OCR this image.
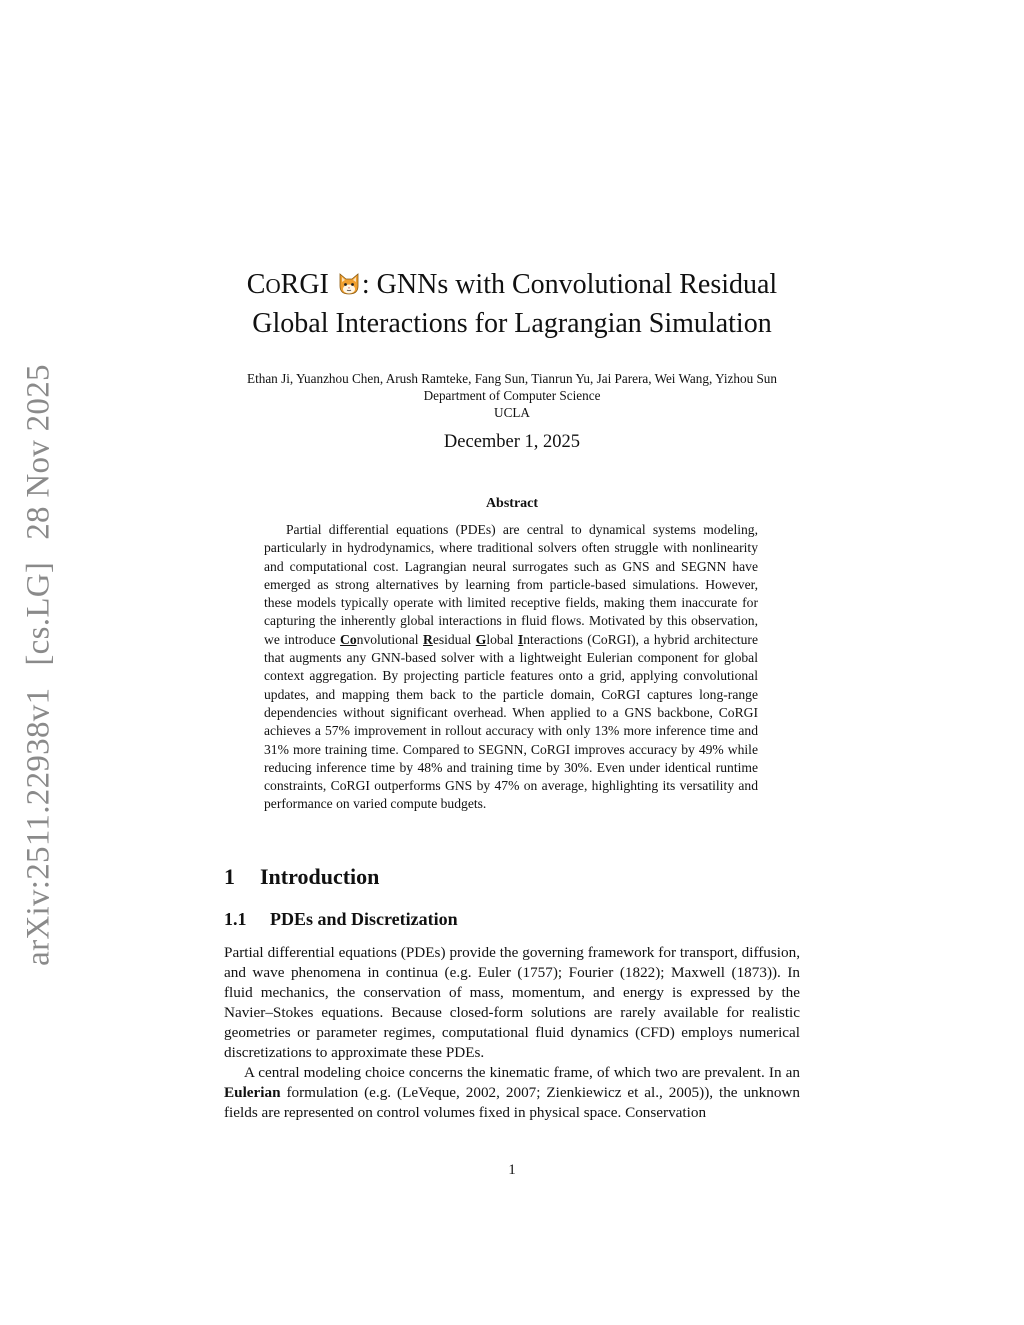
arXiv:2511.22938v1[cs.LG]28 Nov 2025
CORGI : GNNs with Convolutional Residual
Global Interactions for Lagrangian Simulation
Ethan Ji, Yuanzhou Chen, Arush Ramteke, Fang Sun, Tianrun Yu, Jai Parera, Wei Wang, Yizhou Sun
Department of Computer Science
UCLA
December 1, 2025
Abstract
Partial differential equations (PDEs) are central to dynamical systems modeling, particularly in hydrodynamics, where traditional solvers often struggle with nonlinearity and computational cost. Lagrangian neural surrogates such as GNS and SEGNN have emerged as strong alternatives by learning from particle-based simulations. However, these models typically operate with limited receptive fields, making them inaccurate for capturing the inherently global interactions in fluid flows. Motivated by this observation, we introduce Convolutional Residual Global Interactions (CoRGI), a hybrid architecture that augments any GNN-based solver with a lightweight Eulerian component for global context aggregation. By projecting particle features onto a grid, applying convolutional updates, and mapping them back to the particle domain, CoRGI captures long-range dependencies without significant overhead. When applied to a GNS backbone, CoRGI achieves a 57% improvement in rollout accuracy with only 13% more inference time and 31% more training time. Compared to SEGNN, CoRGI improves accuracy by 49% while reducing inference time by 48% and training time by 30%. Even under identical runtime constraints, CoRGI outperforms GNS by 47% on average, highlighting its versatility and performance on varied compute budgets.
1 Introduction
1.1 PDEs and Discretization

Partial differential equations (PDEs) provide the governing framework for transport, diffusion, and wave phenomena in continua (e.g. Euler (1757); Fourier (1822); Maxwell (1873)). In fluid mechanics, the conservation of mass, momentum, and energy is expressed by the Navier–Stokes equations. Because closed-form solutions are rarely available for realistic geometries or parameter regimes, computational fluid dynamics (CFD) employs numerical discretizations to approximate these PDEs.

A central modeling choice concerns the kinematic frame, of which two are prevalent. In an Eulerian formulation (e.g. (LeVeque, 2002, 2007; Zienkiewicz et al., 2005)), the unknown fields are represented on control volumes fixed in physical space. Conservation

1
